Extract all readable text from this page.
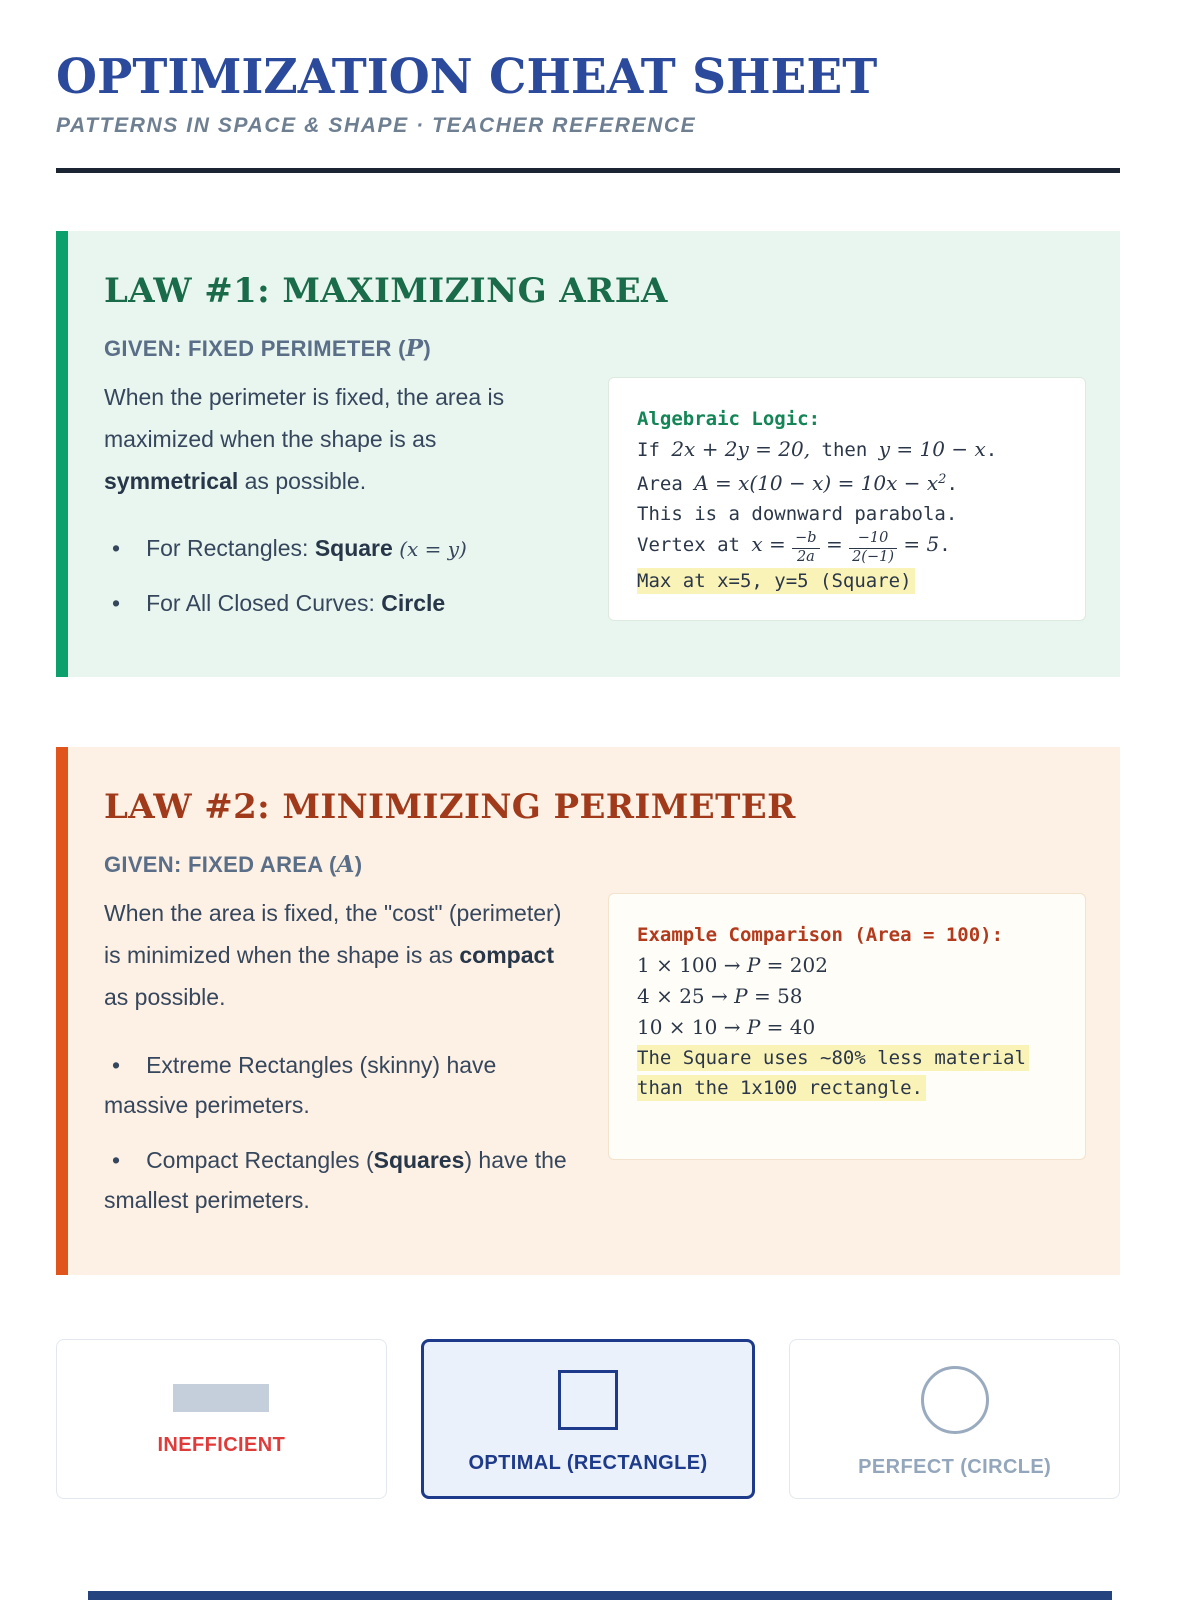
OPTIMIZATION CHEAT SHEET
PATTERNS IN SPACE & SHAPE · TEACHER REFERENCE
LAW #1: MAXIMIZING AREA
GIVEN: FIXED PERIMETER (P)
When the perimeter is fixed, the area is maximized when the shape is as symmetrical as possible.
• For Rectangles: Square (x = y)
• For All Closed Curves: Circle
Algebraic Logic:
If 2x + 2y = 20, then y = 10 − x.
Area $A = x(10 - x) = 10x - x^2$.
This is a downward parabola.
Vertex at $x = \frac{-b}{2a} = \frac{-10}{2(-1)} = 5$.
Max at x=5, y=5 (Square)
LAW #2: MINIMIZING PERIMETER
GIVEN: FIXED AREA (A)
When the area is fixed, the "cost" (perimeter) is minimized when the shape is as compact as possible.
• Extreme Rectangles (skinny) have massive perimeters.
• Compact Rectangles (Squares) have the smallest perimeters.
Example Comparison (Area = 100):
1 × 100 → P = 202
4 × 25 → P = 58
10 × 10 → P = 40
The Square uses ~80% less material
than the 1x100 rectangle.
INEFFICIENT
OPTIMAL (RECTANGLE)	PERFECT (CIRCLE)
